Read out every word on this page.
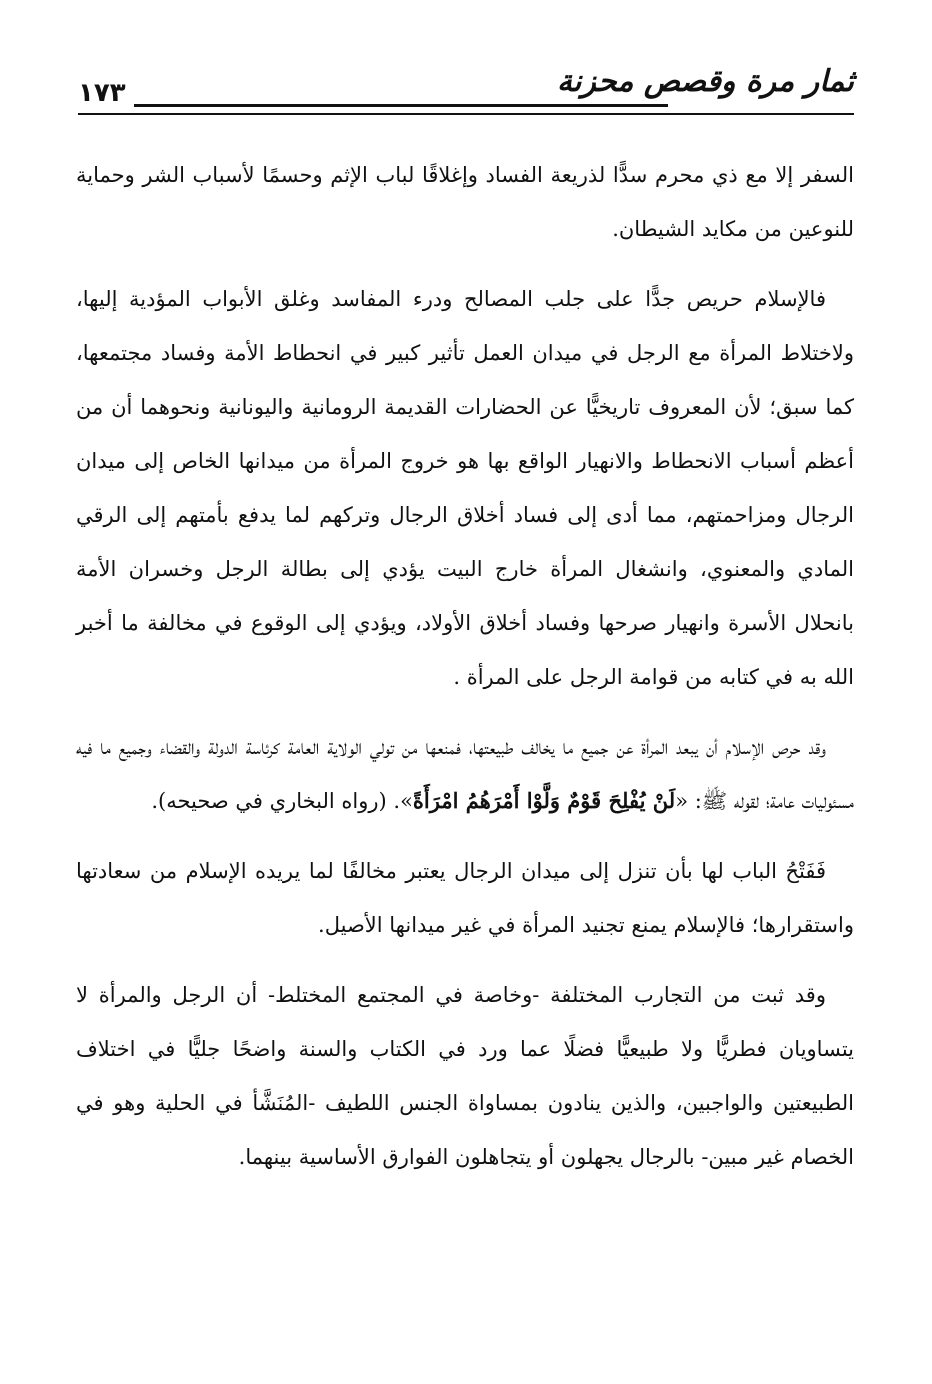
ثمار مرة وقصص محزنة
١٧٣

السفر إلا مع ذي محرم سدًّا لذريعة الفساد وإغلاقًا لباب الإثم وحسمًا لأسباب الشر وحماية للنوعين من مكايد الشيطان.

فالإسلام حريص جدًّا على جلب المصالح ودرء المفاسد وغلق الأبواب المؤدية إليها، ولاختلاط المرأة مع الرجل في ميدان العمل تأثير كبير في انحطاط الأمة وفساد مجتمعها، كما سبق؛ لأن المعروف تاريخيًّا عن الحضارات القديمة الرومانية واليونانية ونحوهما أن من أعظم أسباب الانحطاط والانهيار الواقع بها هو خروج المرأة من ميدانها الخاص إلى ميدان الرجال ومزاحمتهم، مما أدى إلى فساد أخلاق الرجال وتركهم لما يدفع بأمتهم إلى الرقي المادي والمعنوي، وانشغال المرأة خارج البيت يؤدي إلى بطالة الرجل وخسران الأمة بانحلال الأسرة وانهيار صرحها وفساد أخلاق الأولاد، ويؤدي إلى الوقوع في مخالفة ما أخبر الله به في كتابه من قوامة الرجل على المرأة .

وقد حرص الإسلام أن يبعد المرأة عن جميع ما يخالف طبيعتها، فمنعها من تولي الولاية العامة كرئاسة الدولة والقضاء وجميع ما فيه مسئوليات عامة؛ لقوله ﷺ: «لَنْ يُفْلِحَ قَوْمٌ وَلَّوْا أَمْرَهُمُ امْرَأَةً». (رواه البخاري في صحيحه).

فَفَتْحُ الباب لها بأن تنزل إلى ميدان الرجال يعتبر مخالفًا لما يريده الإسلام من سعادتها واستقرارها؛ فالإسلام يمنع تجنيد المرأة في غير ميدانها الأصيل.

وقد ثبت من التجارب المختلفة -وخاصة في المجتمع المختلط- أن الرجل والمرأة لا يتساويان فطريًّا ولا طبيعيًّا فضلًا عما ورد في الكتاب والسنة واضحًا جليًّا في اختلاف الطبيعتين والواجبين، والذين ينادون بمساواة الجنس اللطيف -المُنَشَّأ في الحلية وهو في الخصام غير مبين- بالرجال يجهلون أو يتجاهلون الفوارق الأساسية بينهما.
